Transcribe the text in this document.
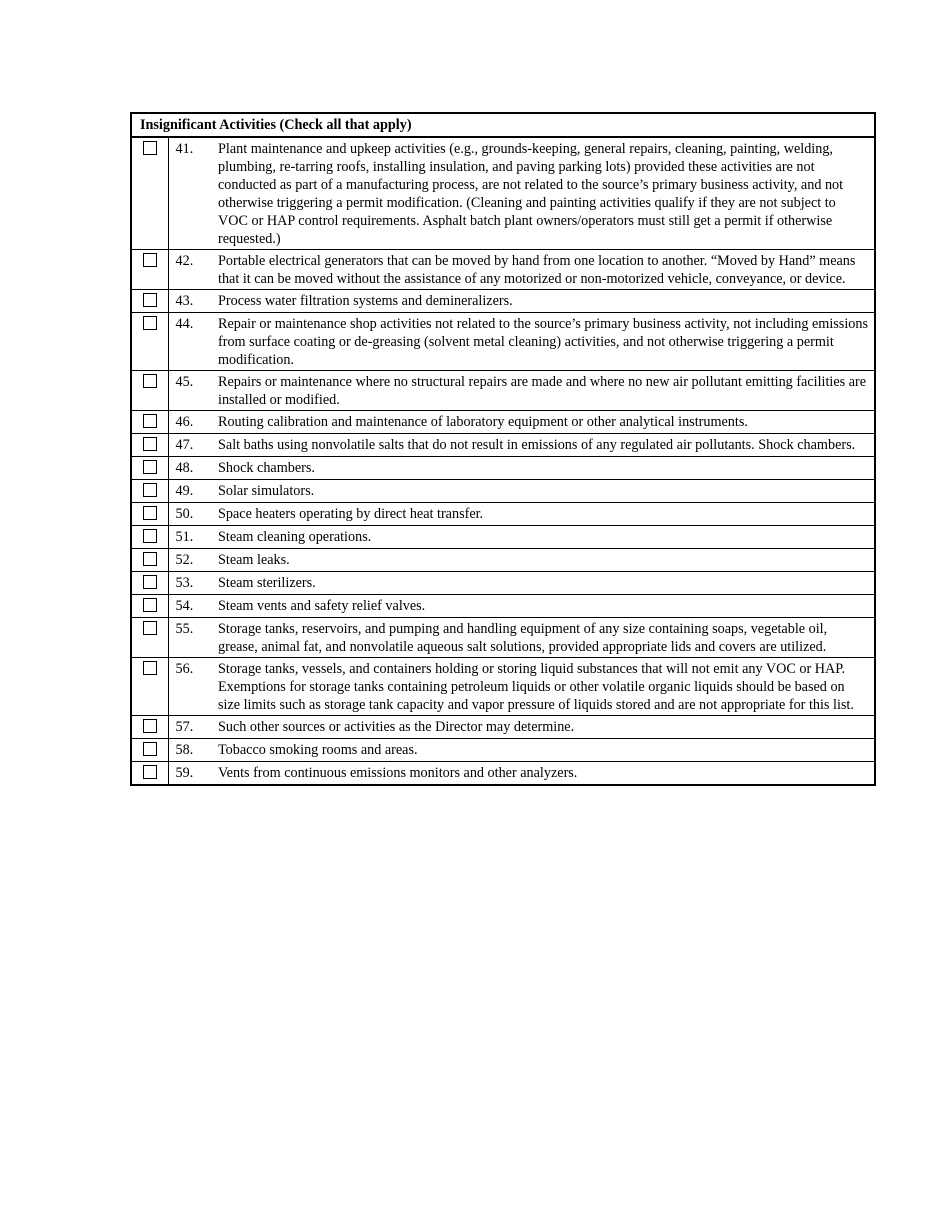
Insignificant Activities (Check all that apply)		
	41.	Plant maintenance and upkeep activities (e.g., grounds-keeping, general repairs, cleaning, painting, welding, plumbing, re-tarring roofs, installing insulation, and paving parking lots) provided these activities are not conducted as part of a manufacturing process, are not related to the source’s primary business activity, and not otherwise triggering a permit modification. (Cleaning and painting activities qualify if they are not subject to VOC or HAP control requirements. Asphalt batch plant owners/operators must still get a permit if otherwise requested.)
	42.	Portable electrical generators that can be moved by hand from one location to another. “Moved by Hand” means that it can be moved without the assistance of any motorized or non-motorized vehicle, conveyance, or device.
	43.	Process water filtration systems and demineralizers.
	44.	Repair or maintenance shop activities not related to the source’s primary business activity, not including emissions from surface coating or de-greasing (solvent metal cleaning) activities, and not otherwise triggering a permit modification.
	45.	Repairs or maintenance where no structural repairs are made and where no new air pollutant emitting facilities are installed or modified.
	46.	Routing calibration and maintenance of laboratory equipment or other analytical instruments.
	47.	Salt baths using nonvolatile salts that do not result in emissions of any regulated air pollutants. Shock chambers.
	48.	Shock chambers.
	49.	Solar simulators.
	50.	Space heaters operating by direct heat transfer.
	51.	Steam cleaning operations.
	52.	Steam leaks.
	53.	Steam sterilizers.
	54.	Steam vents and safety relief valves.
	55.	Storage tanks, reservoirs, and pumping and handling equipment of any size containing soaps, vegetable oil, grease, animal fat, and nonvolatile aqueous salt solutions, provided appropriate lids and covers are utilized.
	56.	Storage tanks, vessels, and containers holding or storing liquid substances that will not emit any VOC or HAP. Exemptions for storage tanks containing petroleum liquids or other volatile organic liquids should be based on size limits such as storage tank capacity and vapor pressure of liquids stored and are not appropriate for this list.
	57.	Such other sources or activities as the Director may determine.
	58.	Tobacco smoking rooms and areas.
	59.	Vents from continuous emissions monitors and other analyzers.
